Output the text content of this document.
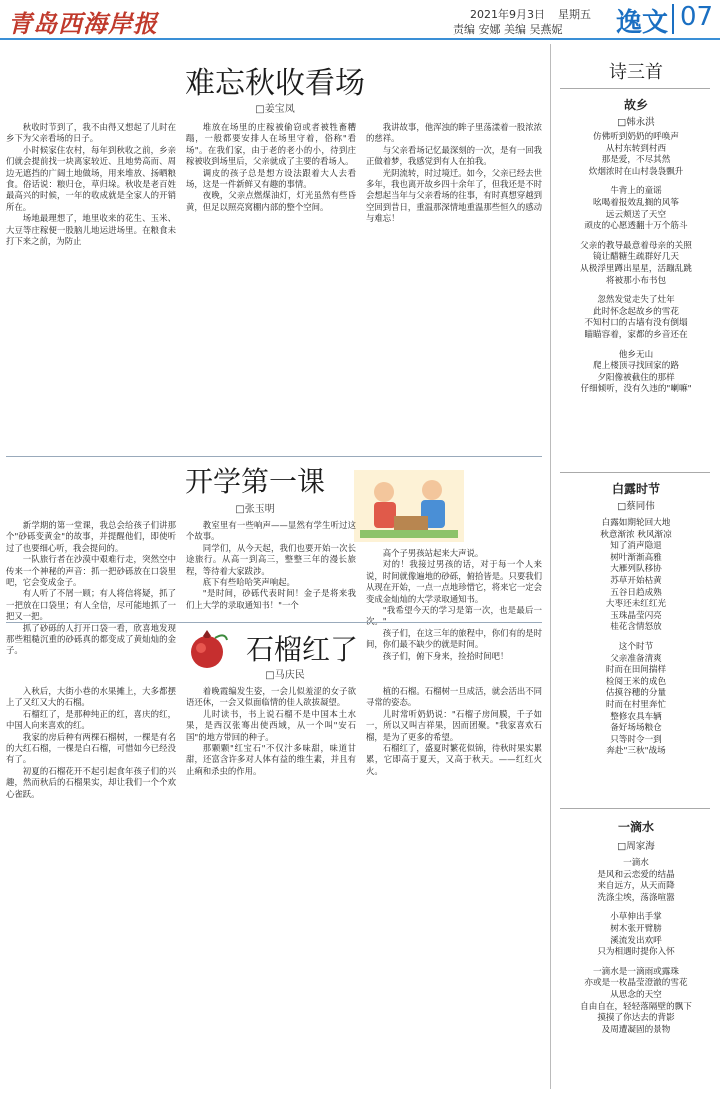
青岛西海岸报	2021年9月3日 星期五
责编 安娜 美编 吴燕妮 逸文 07
难忘秋收看场
□姜宝凤

秋收时节到了，我不由得又想起了儿时在乡下为父亲看场的日子。

小时候家住农村，每年到秋收之前，乡亲们就会提前找一块离家较近、且地势高而、周边无遮挡的广阔土地做场，用来堆放、扬晒粮食。俗话说：粮归仓，草归垛。秋收是老百姓最高兴的时候，一年的收成就是全家人的开销所在。

场地最理想了，地里收来的花生、玉米、大豆等庄稼便一股脑儿地运进场里。在粮食未打下来之前，为防止

堆放在场里的庄稼被偷窃或者被牲畜糟蹋，一般都要安排人在场里守着，俗称"看场"。在我们家，由于老的老小的小，待到庄稼被收到场里后，父亲就成了主要的看场人。

调皮的孩子总是想方设法跟着大人去看场，这是一件新鲜又有趣的事情。

夜晚，父亲点燃煤油灯，灯光虽然有些昏黄，但足以照亮窝棚内部的整个空间。

我讲故事，他浑浊的眸子里荡漾着一股浓浓的慈祥。

与父亲看场记忆最深刻的一次，是有一回我正做着梦，我感觉到有人在拍我。

光阴流转，时过境迁。如今，父亲已经去世多年，我也离开故乡四十余年了，但我还是不时会想起当年与父亲看场的往事，有时真想穿越到空回到昔日，重温那深情地重温那些恒久的感动与难忘！

开学第一课
□张玉明

新学期的第一堂课，我总会给孩子们讲那个"砂砾变黄金"的故事，并提醒他们，即使听过了也要细心听，我会提问的。

一队旅行者在沙漠中艰难行走，突然空中传来一个神秘的声音：抓一把砂砾放在口袋里吧，它会变成金子。

有人听了不屑一顾；有人将信将疑，抓了一把放在口袋里；有人全信，尽可能地抓了一把又一把。

抓了砂砾的人打开口袋一看，欣喜地发现那些粗糙沉重的砂砾真的都变成了黄灿灿的金子。

教室里有一些响声——显然有学生听过这个故事。

同学们，从今天起，我们也要开始一次长途旅行。从高一到高三，整整三年的漫长旅程，等待着大家跋涉。

底下有些哈哈笑声响起。

"是时间，砂砾代表时间！金子是将来我们上大学的录取通知书！"一个

高个子男孩站起来大声说。

对的！我接过男孩的话，对于每一个人来说，时间就像遍地的砂砾，俯拾皆是。只要我们从现在开始，一点一点地珍惜它，将来它一定会变成金灿灿的大学录取通知书。

"我希望今天的学习是第一次，也是最后一

孩子们，在这三年的旅程中，你们有的是时间，你们最不缺少的就是时间。

孩子们，俯下身来，捡拾时间吧！

石榴红了
□马庆民

入秋后，大街小巷的水果摊上，大多都摆上了又红又大的石榴。

石榴红了，是那种纯正的红，喜庆的红，中国人向来喜欢的红。

我家的房后种有两棵石榴树，一棵是有名的大红石榴，一棵是白石榴，可惜如今已经没有了。

初夏的石榴花开不起引起食年孩子们的兴趣，然而秋后的石榴果实，却让我们一个个欢心雀跃。

着晚霞编发生姿，一会儿似羞涩的女子欲语还休，一会又似面临情的佳人欲拔凝望。

儿时读书，书上说石榴不是中国本土水果，是西汉张骞出使西域，从一个叫"安石国"的地方带回的种子。

那颗颗"红宝石"不仅汁多味甜，味道甘甜，还富含许多对人体有益的维生素，并且有止痢和杀虫的作用。

植的石榴。石榴树一旦成活，就会活出不同寻常的姿态。

儿时常听奶奶说："石榴子房间膜，千子如一，所以又叫吉祥果，因而团聚。"我家喜欢石榴，是为了更多的希望。

石榴红了，盛夏时繁花似锦，待秋时果实累累，它即高于夏天，又高于秋天。——红红火火。

诗三首
故乡
□韩永洪
仿佛听到奶奶的呼唤声
从村东转到村西
那是爱，不尽其然
炊烟浓时在山村袅袅飘升
牛背上的童谣
吆喝着报效乱搁的风筝
远云颊送了天空
顽皮的心愿透翻十万个筋斗
父亲的教导最意着母亲的关照
镜让醋糖生疏群好几天
从极浮里蹲出星星，活蹦乱跳
将被那小布书包
忽然发觉走失了灶年
此时怀念起故乡的雪花
不知村口的古墙有没有倒塌
瞄瞄容着，家都的乡音还在
他乡无山
爬上楼顶寻找回家的路
夕阳像被截住的那样
仔细倾听，没有久违的"喇嘛"
白露时节
□蔡同伟
白露如期轮回大地
秋意渐浓 秋风渐凉
知了消声隐退
树叶渐渐高雅
大雁列队移协
苏草开始枯黄
五谷日趋成熟
大枣还未红红光
玉珠晶莹闪亮
桂花含情怒放
这个时节
父亲准备清爽
时而在田间揣样
检阅王米的成色
估摸谷穗的分量
时而在村里奔忙
整修农具车辆
备好场场粮仓
只等时令一到
奔赴"三秋"战场
一滴水
□周家海
一滴水
是风和云恋爱的结晶
来自远方，从天而降
洗涤尘埃，荡涤喧嚣
小草伸出手掌
树木张开臂膀
溪流发出欢呼
只为相遇时提你入怀
一滴水是一滴雨或露珠
亦或是一枚晶莹澄澈的雪花
从思念的天空
自由自在，轻轻落隔壁的飘下
摸摸了你达去的背影
及周遭凝固的景物
